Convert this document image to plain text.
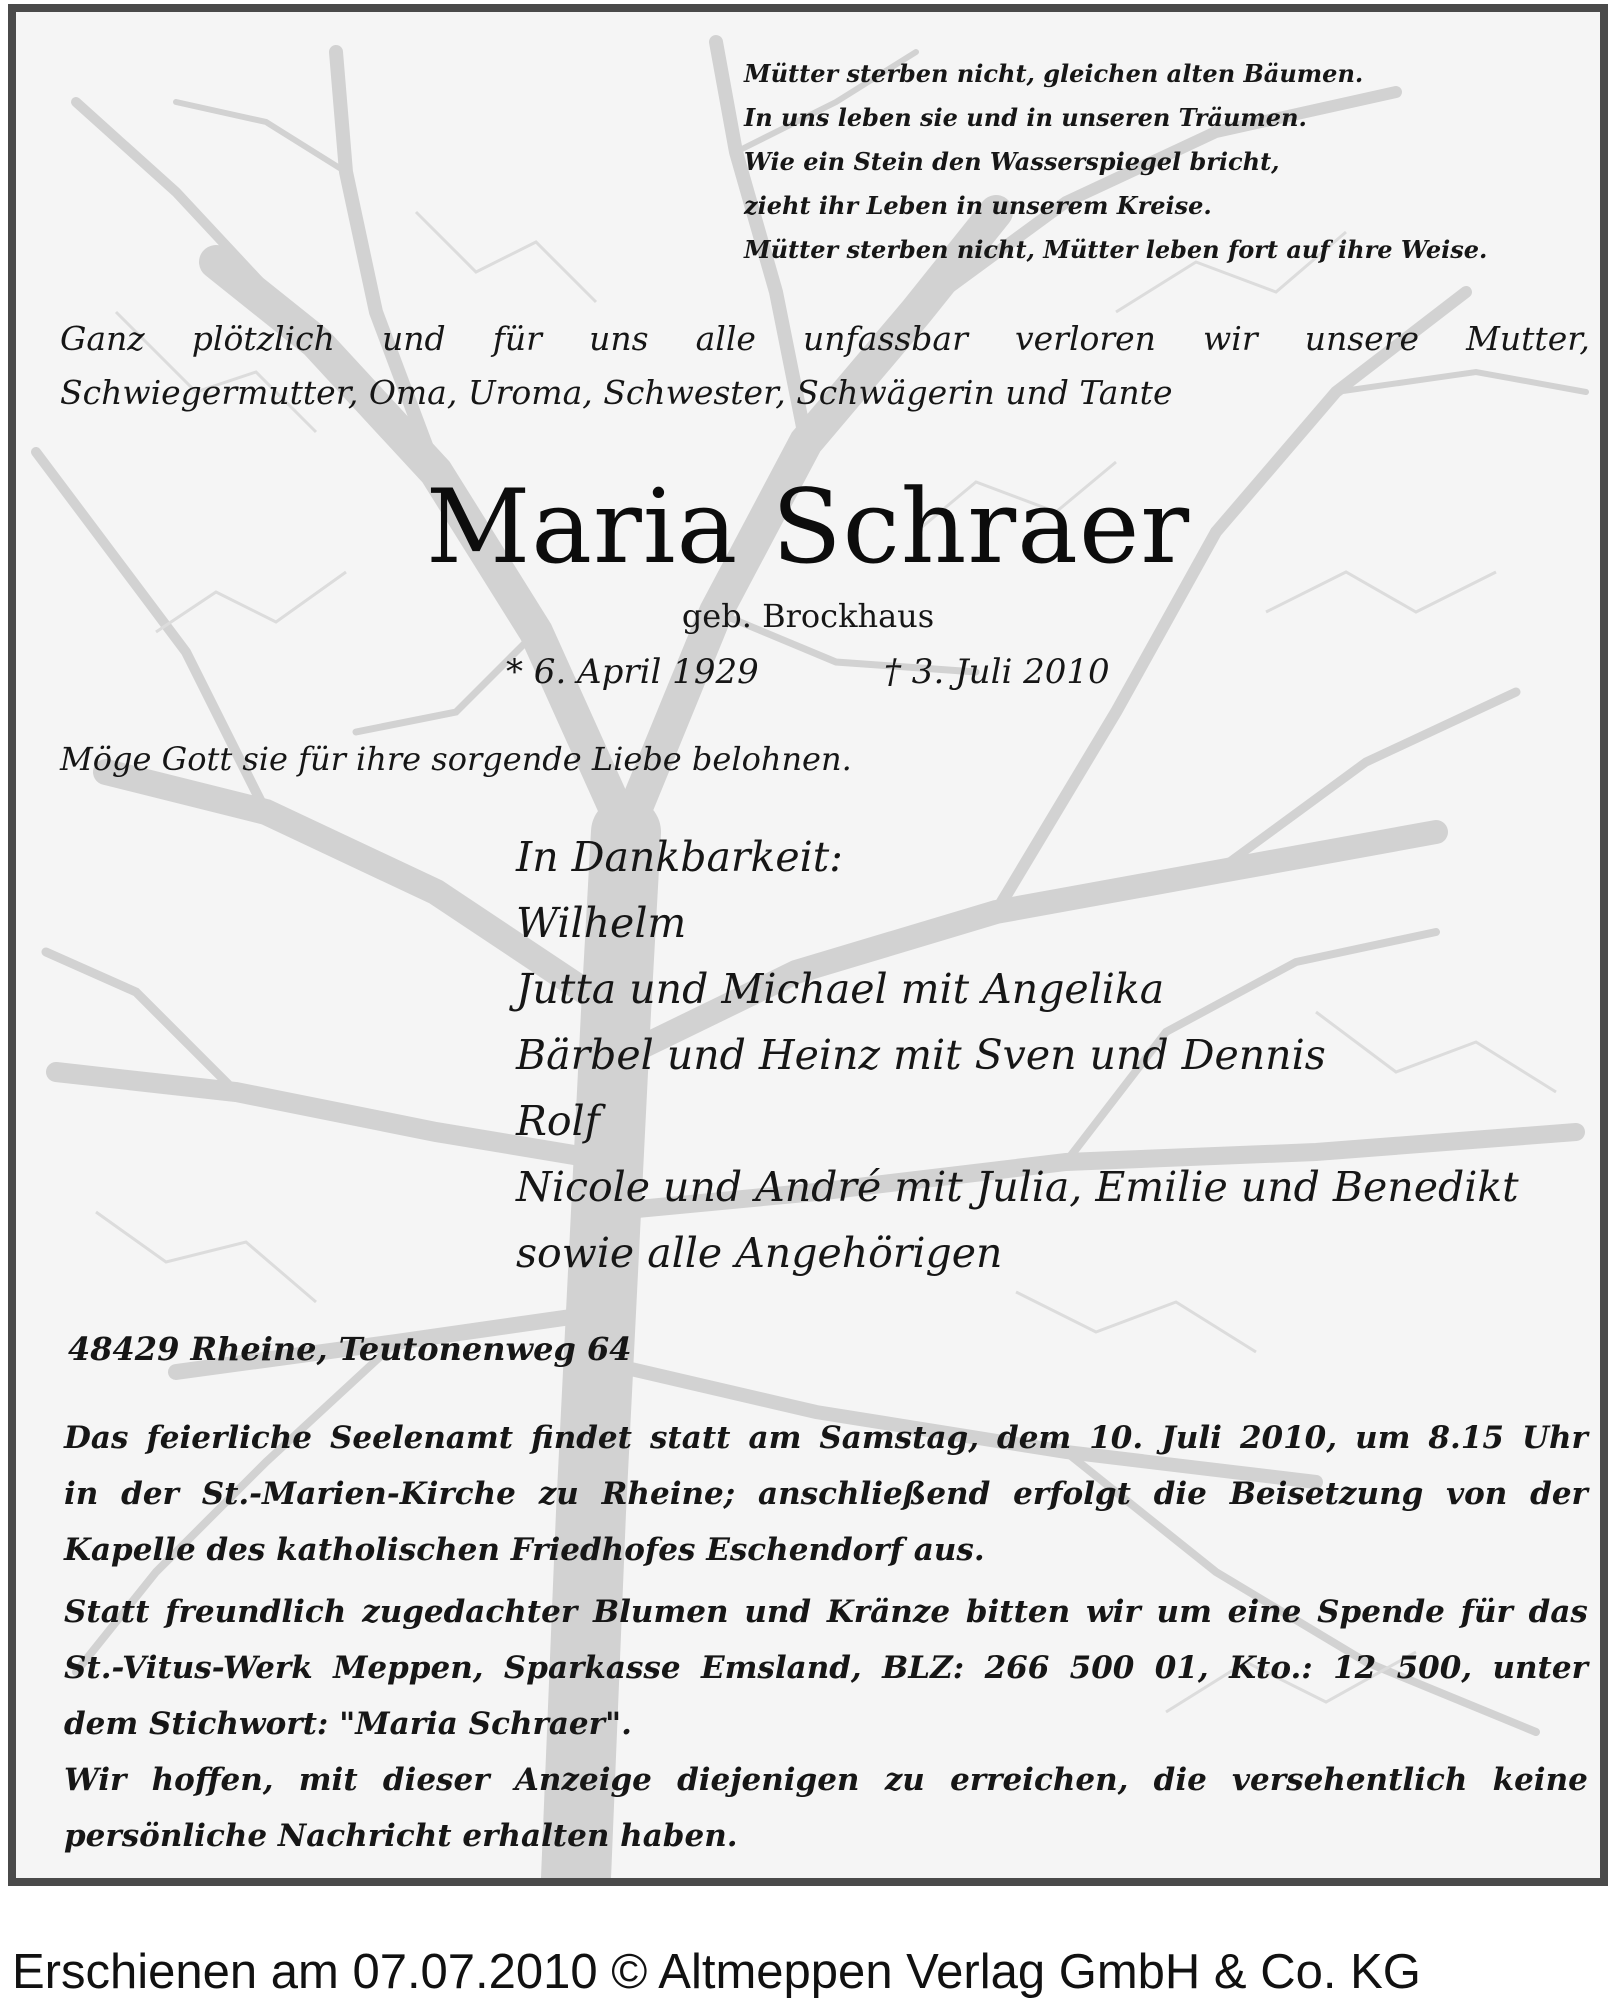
Mütter sterben nicht, gleichen alten Bäumen.
In uns leben sie und in unseren Träumen.
Wie ein Stein den Wasserspiegel bricht,
zieht ihr Leben in unserem Kreise.
Mütter sterben nicht, Mütter leben fort auf ihre Weise.
Ganz plötzlich und für uns alle unfassbar verloren wir unsere Mutter,
Schwiegermutter, Oma, Uroma, Schwester, Schwägerin und Tante
Maria Schraer
geb. Brockhaus
* 6. April 1929	† 3. Juli 2010
Möge Gott sie für ihre sorgende Liebe belohnen.
In Dankbarkeit:
Wilhelm
Jutta und Michael mit Angelika
Bärbel und Heinz mit Sven und Dennis
Rolf
Nicole und André mit Julia, Emilie und Benedikt
sowie alle Angehörigen
48429 Rheine, Teutonenweg 64
Das feierliche Seelenamt findet statt am Samstag, dem 10. Juli 2010, um 8.15 Uhr
in der St.-Marien-Kirche zu Rheine; anschließend erfolgt die Beisetzung von der
Kapelle des katholischen Friedhofes Eschendorf aus.
Statt freundlich zugedachter Blumen und Kränze bitten wir um eine Spende für das
St.-Vitus-Werk Meppen, Sparkasse Emsland, BLZ: 266 500 01, Kto.: 12 500, unter
dem Stichwort: "Maria Schraer".
Wir hoffen, mit dieser Anzeige diejenigen zu erreichen, die versehentlich keine
persönliche Nachricht erhalten haben.
Erschienen am 07.07.2010 © Altmeppen Verlag GmbH & Co. KG
